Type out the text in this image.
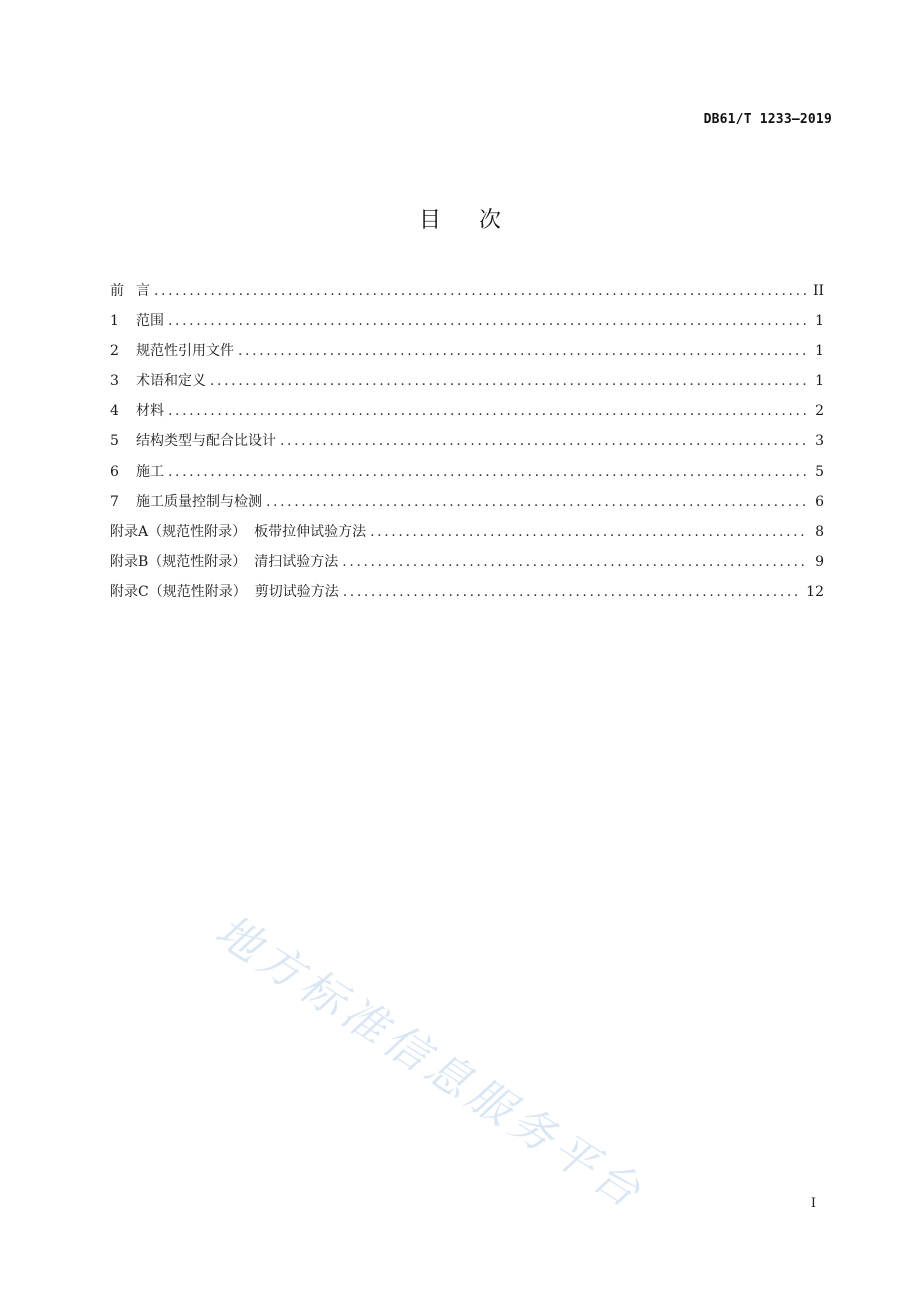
DB61/T 1233—2019
目次
前 言 .....	II
1	范围 .....	1
2	规范性引用文件 .....	1
3	术语和定义 .....	1
4	材料 .....	2
5	结构类型与配合比设计 .....	3
6	施工 .....	5
7	施工质量控制与检测 .....	6
附录A（规范性附录） 板带拉伸试验方法 .....	8
附录B（规范性附录） 清扫试验方法 .....	9
附录C（规范性附录） 剪切试验方法 .....	12
地方标准信息服务平台	I
